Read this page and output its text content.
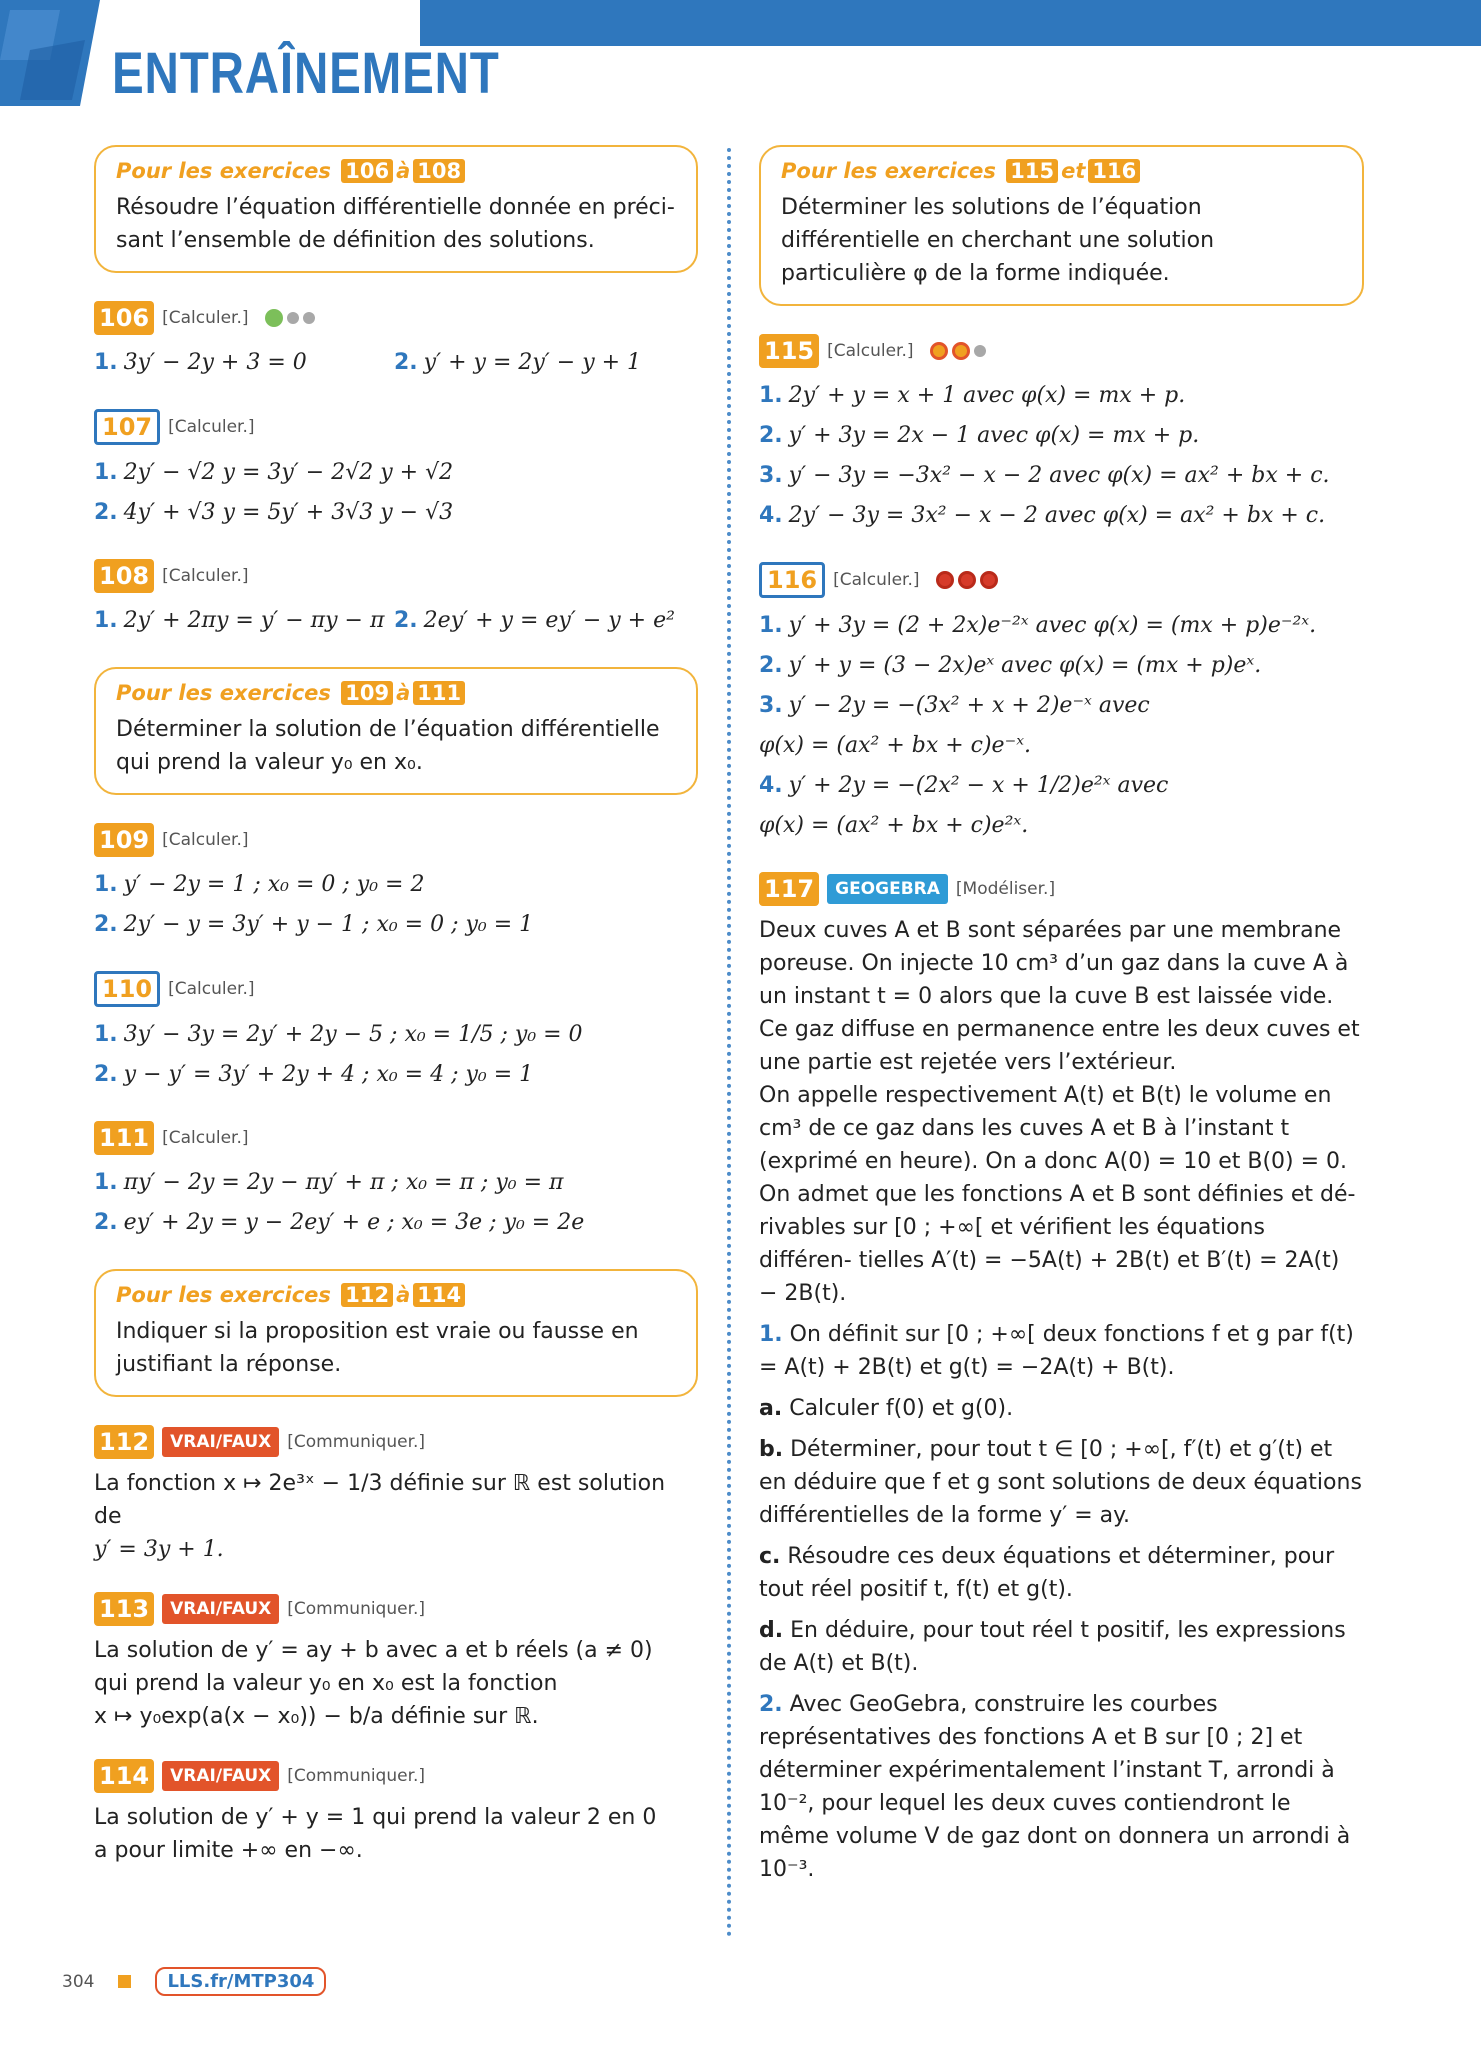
ENTRAÎNEMENT
Pour les exercices 106 à 108
Résoudre l’équation différentielle donnée en préci- sant l’ensemble de définition des solutions.
106 [Calculer.]
1. 3y′ − 2y + 3 = 0	2. y′ + y = 2y′ − y + 1
107 [Calculer.]
1. 2y′ − √2 y = 3y′ − 2√2 y + √2
2. 4y′ + √3 y = 5y′ + 3√3 y − √3
108 [Calculer.]
1. 2y′ + 2πy = y′ − πy − π 2. 2ey′ + y = ey′ − y + e²
Pour les exercices 109 à 111
Déterminer la solution de l’équation différentielle qui prend la valeur y₀ en x₀.
109 [Calculer.]
1. y′ − 2y = 1 ; x₀ = 0 ; y₀ = 2
2. 2y′ − y = 3y′ + y − 1 ; x₀ = 0 ; y₀ = 1
110 [Calculer.]
1. 3y′ − 3y = 2y′ + 2y − 5 ; x₀ = 1/5 ; y₀ = 0
2. y − y′ = 3y′ + 2y + 4 ; x₀ = 4 ; y₀ = 1
111 [Calculer.]
1. πy′ − 2y = 2y − πy′ + π ; x₀ = π ; y₀ = π
2. ey′ + 2y = y − 2ey′ + e ; x₀ = 3e ; y₀ = 2e
Pour les exercices 112 à 114
Indiquer si la proposition est vraie ou fausse en justifiant la réponse.
112	VRAI/FAUX [Communiquer.]
La fonction x ↦ 2e³ˣ − 1/3 définie sur ℝ est solution de
y′ = 3y + 1.
113	VRAI/FAUX [Communiquer.]
La solution de y′ = ay + b avec a et b réels (a ≠ 0)
qui prend la valeur y₀ en x₀ est la fonction
x ↦ y₀exp(a(x − x₀)) − b/a définie sur ℝ.
114	VRAI/FAUX [Communiquer.]
La solution de y′ + y = 1 qui prend la valeur 2 en 0
a pour limite +∞ en −∞.
Pour les exercices 115 et 116
Déterminer les solutions de l’équation différentielle en cherchant une solution particulière φ de la forme indiquée.
115 [Calculer.]
1. 2y′ + y = x + 1 avec φ(x) = mx + p.
2. y′ + 3y = 2x − 1 avec φ(x) = mx + p.
3. y′ − 3y = −3x² − x − 2 avec φ(x) = ax² + bx + c.
4. 2y′ − 3y = 3x² − x − 2 avec φ(x) = ax² + bx + c.
116 [Calculer.]
1. y′ + 3y = (2 + 2x)e⁻²ˣ avec φ(x) = (mx + p)e⁻²ˣ.
2. y′ + y = (3 − 2x)eˣ avec φ(x) = (mx + p)eˣ.
3. y′ − 2y = −(3x² + x + 2)e⁻ˣ avec
φ(x) = (ax² + bx + c)e⁻ˣ.
4. y′ + 2y = −(2x² − x + 1/2)e²ˣ avec
φ(x) = (ax² + bx + c)e²ˣ.
117	GEOGEBRA [Modéliser.]
Deux cuves A et B sont séparées par une membrane poreuse. On injecte 10 cm³ d’un gaz dans la cuve A à un instant t = 0 alors que la cuve B est laissée vide. Ce gaz diffuse en permanence entre les deux cuves et une partie est rejetée vers l’extérieur.
On appelle respectivement A(t) et B(t) le volume en cm³ de ce gaz dans les cuves A et B à l’instant t (exprimé en heure). On a donc A(0) = 10 et B(0) = 0.
On admet que les fonctions A et B sont définies et dé- rivables sur [0 ; +∞[ et vérifient les équations différen- tielles A′(t) = −5A(t) + 2B(t) et B′(t) = 2A(t) − 2B(t).
1. On définit sur [0 ; +∞[ deux fonctions f et g par f(t) = A(t) + 2B(t) et g(t) = −2A(t) + B(t).
a. Calculer f(0) et g(0).
b. Déterminer, pour tout t ∈ [0 ; +∞[, f′(t) et g′(t) et en déduire que f et g sont solutions de deux équations différentielles de la forme y′ = ay.
c. Résoudre ces deux équations et déterminer, pour tout réel positif t, f(t) et g(t).
d. En déduire, pour tout réel t positif, les expressions de A(t) et B(t).
2. Avec GeoGebra, construire les courbes représentatives des fonctions A et B sur [0 ; 2] et déterminer expérimentalement l’instant T, arrondi à 10⁻², pour lequel les deux cuves contiendront le même volume V de gaz dont on donnera un arrondi à 10⁻³.
304	LLS.fr/MTP304
